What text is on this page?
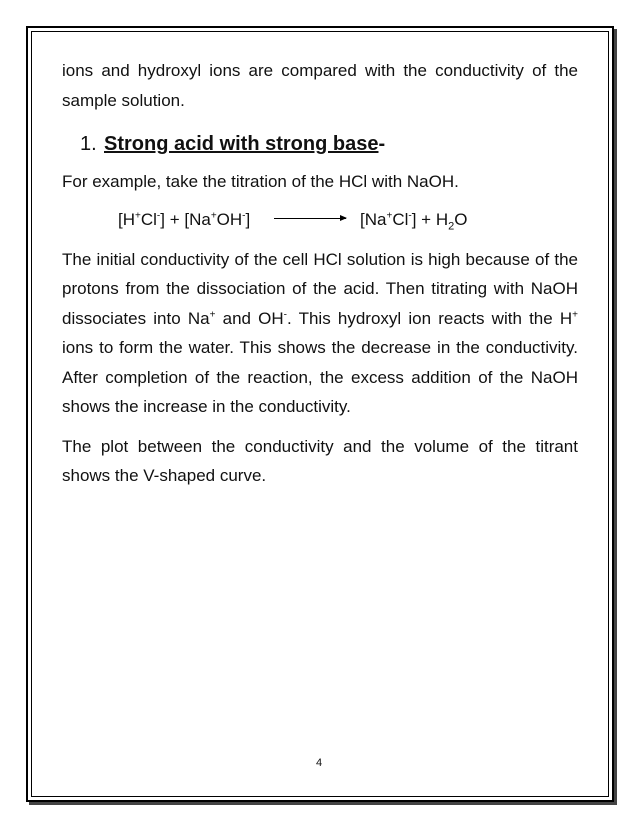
ions and hydroxyl ions are compared with the conductivity of the sample solution.

1. Strong acid with strong base-

For example, take the titration of the HCl with NaOH.

[H+Cl-] + [Na+OH-]	$[Na^+Cl^-] + H_2O$

The initial conductivity of the cell HCl solution is high because of the protons from the dissociation of the acid. Then titrating with NaOH dissociates into Na+ and OH-. This hydroxyl ion reacts with the H+ ions to form the water. This shows the decrease in the conductivity. After completion of the reaction, the excess addition of the NaOH shows the increase in the conductivity.

The plot between the conductivity and the volume of the titrant shows the V-shaped curve.

4
